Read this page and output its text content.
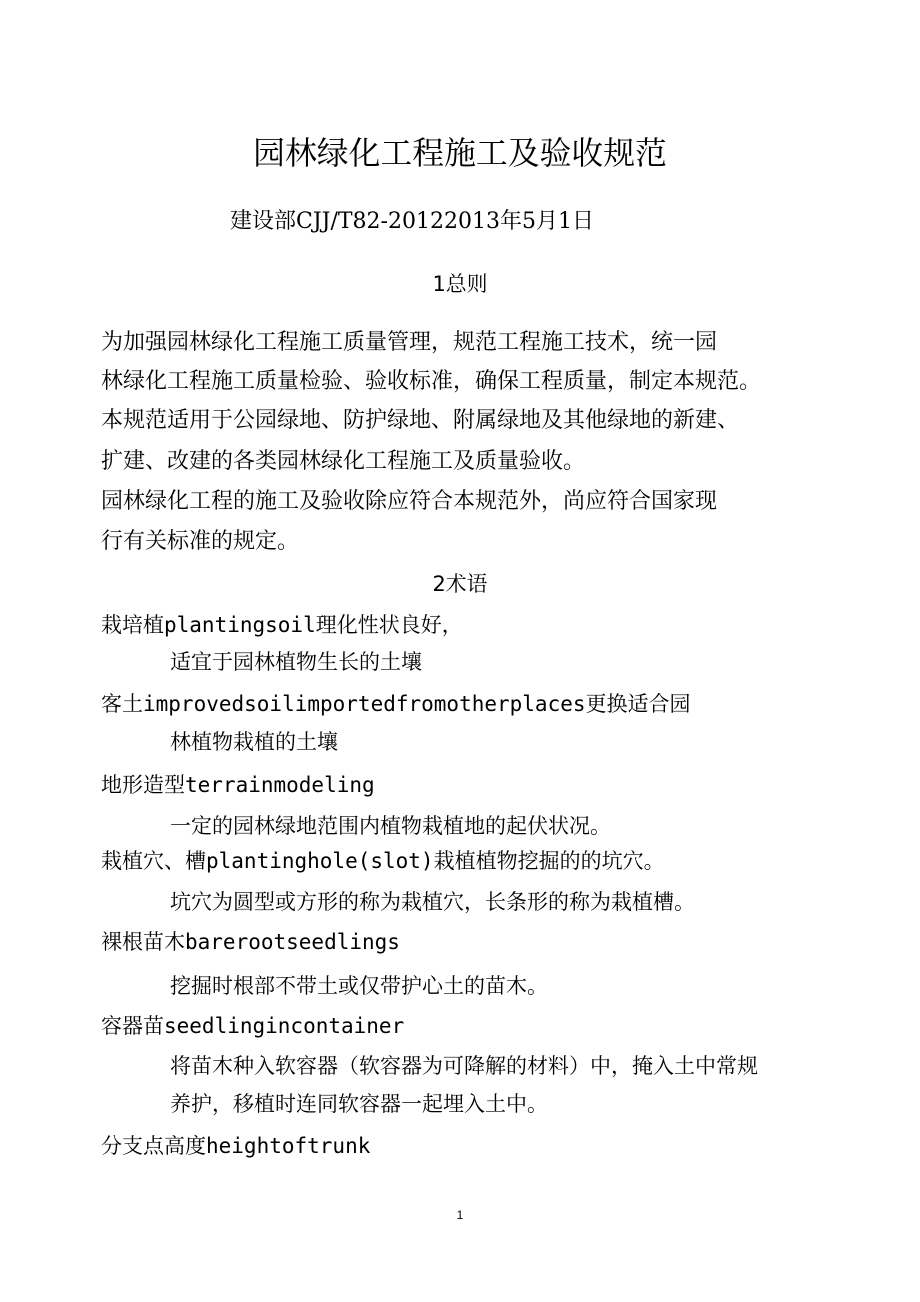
园林绿化工程施工及验收规范
建设部CJJ/T82-20122013年5月1日
1总则
为加强园林绿化工程施工质量管理，规范工程施工技术，统一园
林绿化工程施工质量检验、验收标准，确保工程质量，制定本规范。
本规范适用于公园绿地、防护绿地、附属绿地及其他绿地的新建、
扩建、改建的各类园林绿化工程施工及质量验收。
园林绿化工程的施工及验收除应符合本规范外，尚应符合国家现
行有关标准的规定。
2术语
栽培植plantingsoil理化性状良好，
适宜于园林植物生长的土壤
客土improvedsoilimportedfromotherplaces更换适合园
林植物栽植的土壤
地形造型terrainmodeling
一定的园林绿地范围内植物栽植地的起伏状况。
栽植穴、槽plantinghole(slot)栽植植物挖掘的的坑穴。
坑穴为圆型或方形的称为栽植穴，长条形的称为栽植槽。
裸根苗木barerootseedlings
挖掘时根部不带土或仅带护心土的苗木。
容器苗seedlingincontainer
将苗木种入软容器（软容器为可降解的材料）中，掩入土中常规
养护，移植时连同软容器一起埋入土中。
分支点高度heightoftrunk
1
